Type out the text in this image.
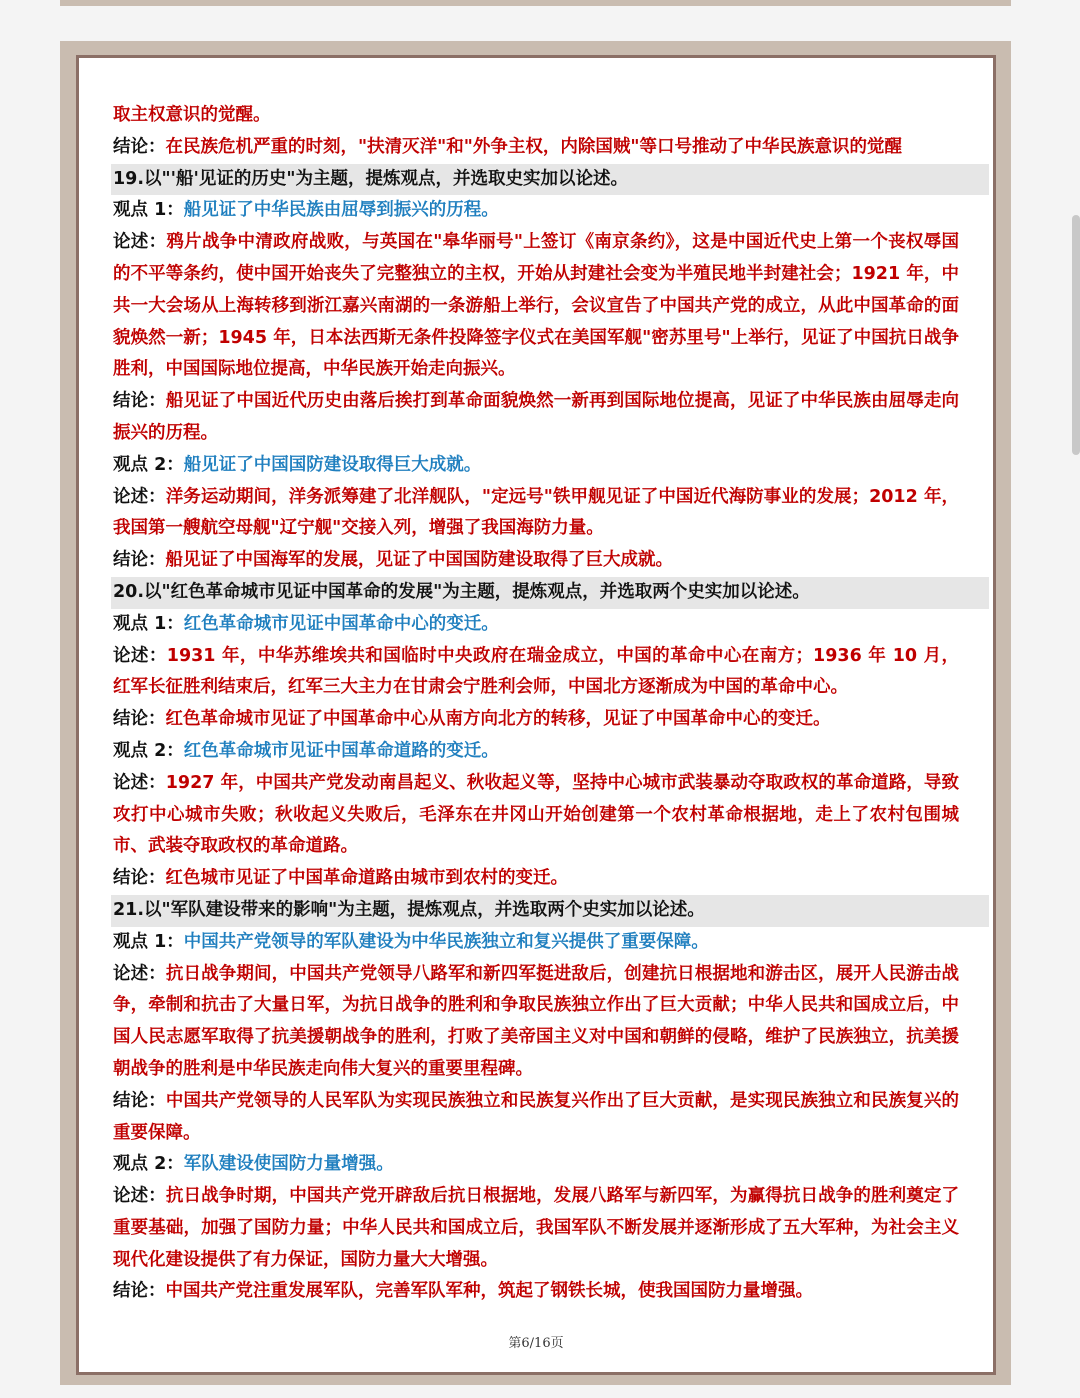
取主权意识的觉醒。

结论：在民族危机严重的时刻，"扶清灭洋"和"外争主权，内除国贼"等口号推动了中华民族意识的觉醒

19.以"'船'见证的历史"为主题，提炼观点，并选取史实加以论述。

观点 1：船见证了中华民族由屈辱到振兴的历程。

论述：鸦片战争中清政府战败，与英国在"皋华丽号"上签订《南京条约》，这是中国近代史上第一个丧权辱国的不平等条约，使中国开始丧失了完整独立的主权，开始从封建社会变为半殖民地半封建社会；1921 年，中共一大会场从上海转移到浙江嘉兴南湖的一条游船上举行，会议宣告了中国共产党的成立，从此中国革命的面貌焕然一新；1945 年，日本法西斯无条件投降签字仪式在美国军舰"密苏里号"上举行，见证了中国抗日战争胜利，中国国际地位提高，中华民族开始走向振兴。

结论：船见证了中国近代历史由落后挨打到革命面貌焕然一新再到国际地位提高，见证了中华民族由屈辱走向振兴的历程。

观点 2：船见证了中国国防建设取得巨大成就。

论述：洋务运动期间，洋务派筹建了北洋舰队，"定远号"铁甲舰见证了中国近代海防事业的发展；2012 年，我国第一艘航空母舰"辽宁舰"交接入列，增强了我国海防力量。

结论：船见证了中国海军的发展，见证了中国国防建设取得了巨大成就。

20.以"红色革命城市见证中国革命的发展"为主题，提炼观点，并选取两个史实加以论述。

观点 1：红色革命城市见证中国革命中心的变迁。

论述：1931 年，中华苏维埃共和国临时中央政府在瑞金成立，中国的革命中心在南方；1936 年 10 月，红军长征胜利结束后，红军三大主力在甘肃会宁胜利会师，中国北方逐渐成为中国的革命中心。

结论：红色革命城市见证了中国革命中心从南方向北方的转移，见证了中国革命中心的变迁。

观点 2：红色革命城市见证中国革命道路的变迁。

论述：1927 年，中国共产党发动南昌起义、秋收起义等，坚持中心城市武装暴动夺取政权的革命道路，导致攻打中心城市失败；秋收起义失败后，毛泽东在井冈山开始创建第一个农村革命根据地，走上了农村包围城市、武装夺取政权的革命道路。

结论：红色城市见证了中国革命道路由城市到农村的变迁。

21.以"军队建设带来的影响"为主题，提炼观点，并选取两个史实加以论述。

观点 1：中国共产党领导的军队建设为中华民族独立和复兴提供了重要保障。

论述：抗日战争期间，中国共产党领导八路军和新四军挺进敌后，创建抗日根据地和游击区，展开人民游击战争，牵制和抗击了大量日军，为抗日战争的胜利和争取民族独立作出了巨大贡献；中华人民共和国成立后，中国人民志愿军取得了抗美援朝战争的胜利，打败了美帝国主义对中国和朝鲜的侵略，维护了民族独立，抗美援朝战争的胜利是中华民族走向伟大复兴的重要里程碑。

结论：中国共产党领导的人民军队为实现民族独立和民族复兴作出了巨大贡献，是实现民族独立和民族复兴的重要保障。

观点 2：军队建设使国防力量增强。

论述：抗日战争时期，中国共产党开辟敌后抗日根据地，发展八路军与新四军，为赢得抗日战争的胜利奠定了重要基础，加强了国防力量；中华人民共和国成立后，我国军队不断发展并逐渐形成了五大军种，为社会主义现代化建设提供了有力保证，国防力量大大增强。

结论：中国共产党注重发展军队，完善军队军种，筑起了钢铁长城，使我国国防力量增强。

第6/16页
